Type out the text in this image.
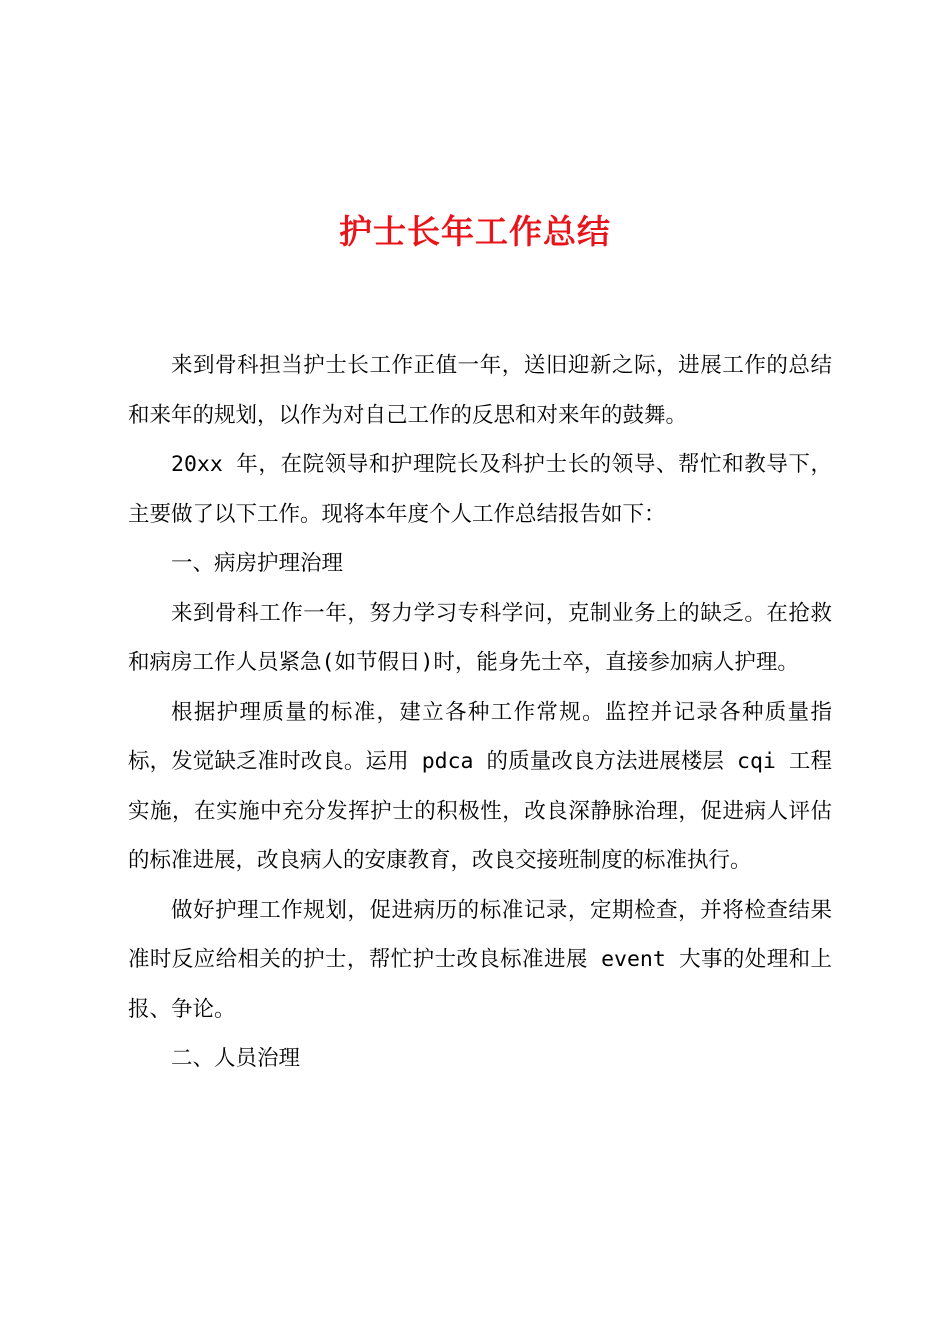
护士长年工作总结

来到骨科担当护士长工作正值一年，送旧迎新之际，进展工作的总结和来年的规划，以作为对自己工作的反思和对来年的鼓舞。

20xx 年，在院领导和护理院长及科护士长的领导、帮忙和教导下，主要做了以下工作。现将本年度个人工作总结报告如下：

一、病房护理治理

来到骨科工作一年，努力学习专科学问，克制业务上的缺乏。在抢救和病房工作人员紧急(如节假日)时，能身先士卒，直接参加病人护理。

根据护理质量的标准，建立各种工作常规。监控并记录各种质量指标，发觉缺乏准时改良。运用 pdca 的质量改良方法进展楼层 cqi 工程实施，在实施中充分发挥护士的积极性，改良深静脉治理，促进病人评估的标准进展，改良病人的安康教育，改良交接班制度的标准执行。

做好护理工作规划，促进病历的标准记录，定期检查，并将检查结果准时反应给相关的护士，帮忙护士改良标准进展 event 大事的处理和上报、争论。

二、人员治理
